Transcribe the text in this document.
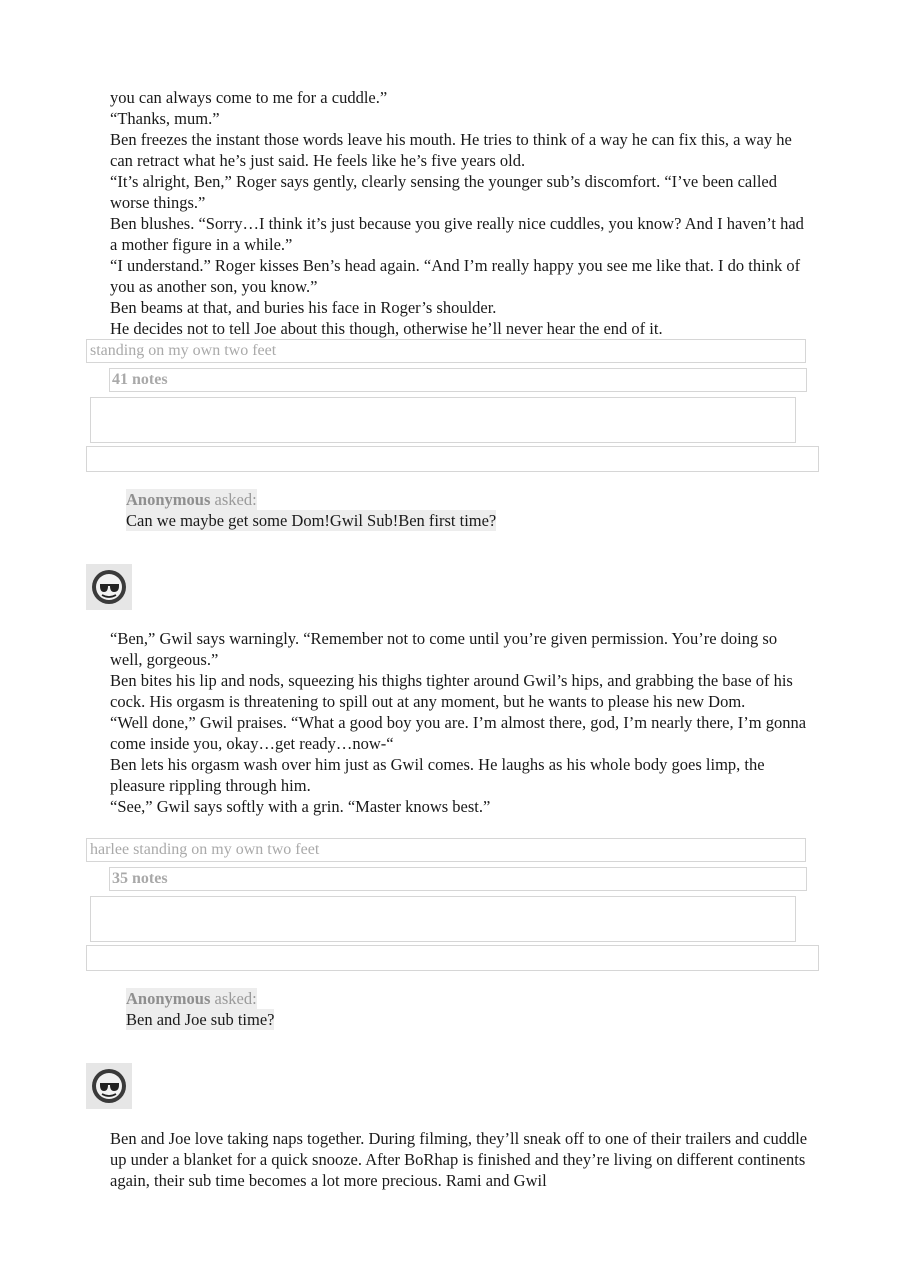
you can always come to me for a cuddle.”

“Thanks, mum.”

Ben freezes the instant those words leave his mouth. He tries to think of a way he can fix this, a way he can retract what he’s just said. He feels like he’s five years old.

“It’s alright, Ben,” Roger says gently, clearly sensing the younger sub’s discomfort. “I’ve been called worse things.”

Ben blushes. “Sorry…I think it’s just because you give really nice cuddles, you know? And I haven’t had a mother figure in a while.”

“I understand.” Roger kisses Ben’s head again. “And I’m really happy you see me like that. I do think of you as another son, you know.”

Ben beams at that, and buries his face in Roger’s shoulder.

He decides not to tell Joe about this though, otherwise he’ll never hear the end of it.

standing on my own two feet
41 notes
Anonymous asked:
Can we maybe get some Dom!Gwil Sub!Ben first time?

“Ben,” Gwil says warningly. “Remember not to come until you’re given permission. You’re doing so well, gorgeous.”

Ben bites his lip and nods, squeezing his thighs tighter around Gwil’s hips, and grabbing the base of his cock. His orgasm is threatening to spill out at any moment, but he wants to please his new Dom.

“Well done,” Gwil praises. “What a good boy you are. I’m almost there, god, I’m nearly there, I’m gonna come inside you, okay…get ready…now-“

Ben lets his orgasm wash over him just as Gwil comes. He laughs as his whole body goes limp, the pleasure rippling through him.

“See,” Gwil says softly with a grin. “Master knows best.”

harlee standing on my own two feet
35 notes
Anonymous asked:
Ben and Joe sub time?

Ben and Joe love taking naps together. During filming, they’ll sneak off to one of their trailers and cuddle up under a blanket for a quick snooze. After BoRhap is finished and they’re living on different continents again, their sub time becomes a lot more precious. Rami and Gwil
